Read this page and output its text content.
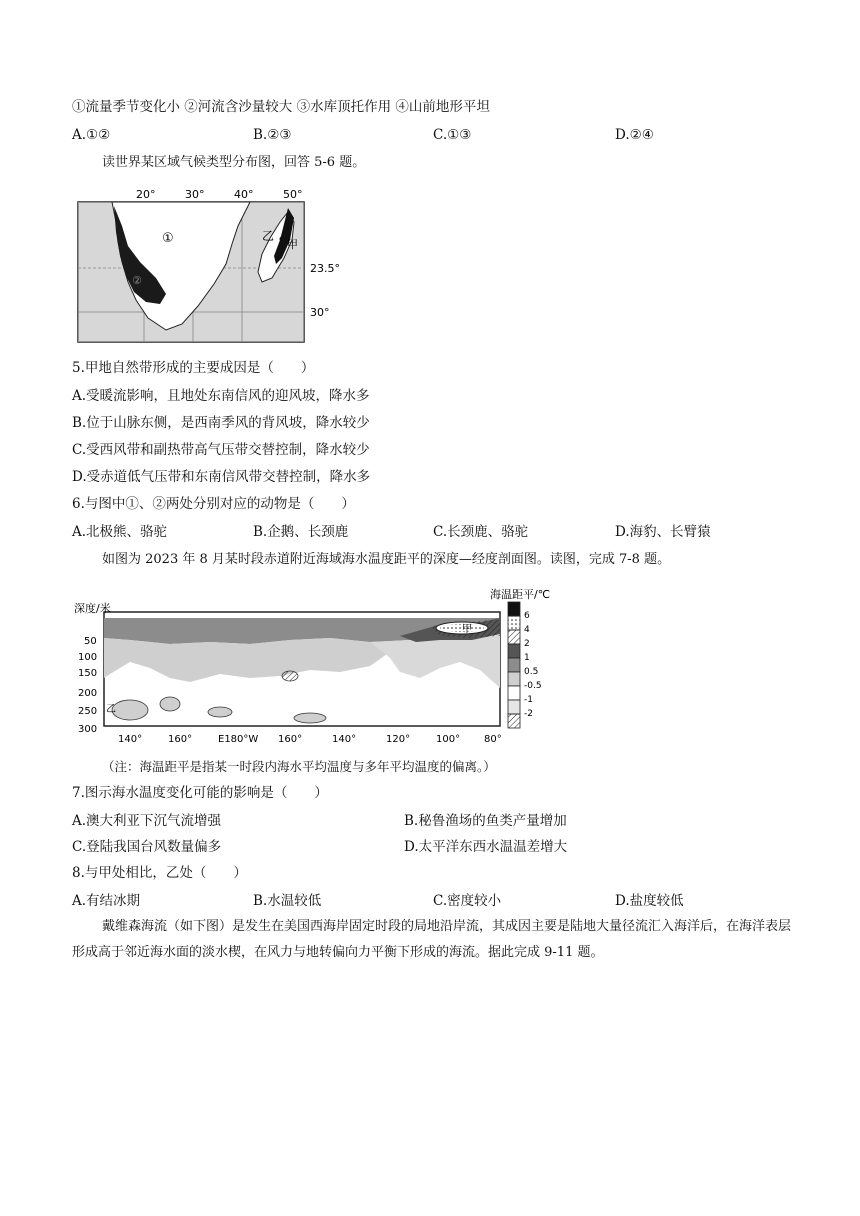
①流量季节变化小 ②河流含沙量较大 ③水库顶托作用 ④山前地形平坦
A.①②	B.②③	C.①③	D.②④
读世界某区域气候类型分布图，回答 5-6 题。
20°	30°	40°	50°
23.5°
30°
①
②
乙
甲
5.甲地自然带形成的主要成因是（　　）
A.受暖流影响，且地处东南信风的迎风坡，降水多
B.位于山脉东侧，是西南季风的背风坡，降水较少
C.受西风带和副热带高气压带交替控制，降水较少
D.受赤道低气压带和东南信风带交替控制，降水多
6.与图中①、②两处分别对应的动物是（　　）
A.北极熊、骆驼	B.企鹅、长颈鹿	C.长颈鹿、骆驼	D.海豹、长臂猿
如图为 2023 年 8 月某时段赤道附近海域海水温度距平的深度—经度剖面图。读图，完成 7-8 题。
深度/米
50
100
150
200
250
300
140°	160°	E180°W 160°	140°	120°	100° 80°
乙
甲
海温距平/℃
6
4
2
1
0.5
-0.5
-1
-2
（注：海温距平是指某一时段内海水平均温度与多年平均温度的偏离。）
7.图示海水温度变化可能的影响是（　　）
A.澳大利亚下沉气流增强	B.秘鲁渔场的鱼类产量增加
C.登陆我国台风数量偏多	D.太平洋东西水温温差增大
8.与甲处相比，乙处（　　）
A.有结冰期	B.水温较低	C.密度较小	D.盐度较低
戴维森海流（如下图）是发生在美国西海岸固定时段的局地沿岸流，其成因主要是陆地大量径流汇入海洋后，在海洋表层形成高于邻近海水面的淡水楔，在风力与地转偏向力平衡下形成的海流。据此完成 9-11 题。
